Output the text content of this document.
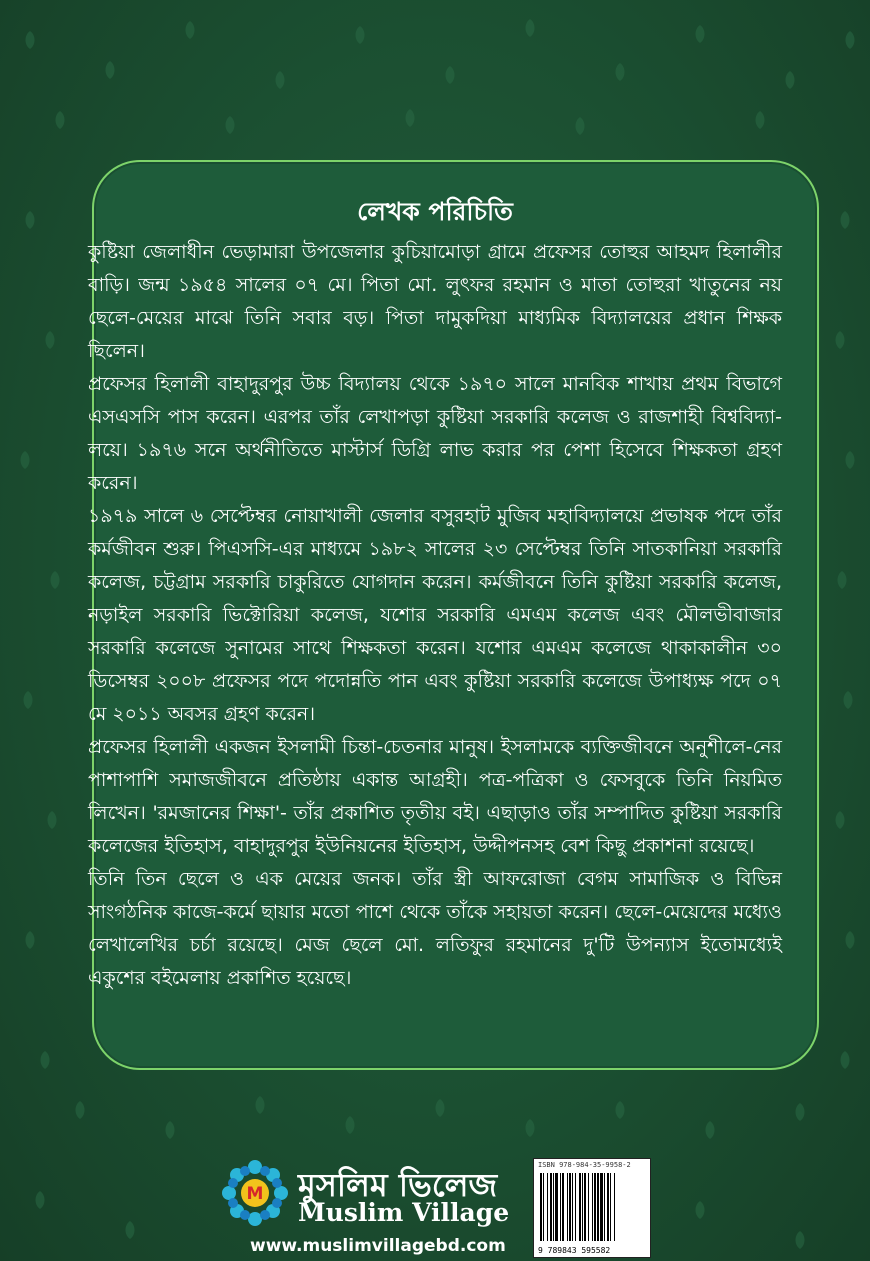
লেখক পরিচিতি

কুষ্টিয়া জেলাধীন ভেড়ামারা উপজেলার কুচিয়ামোড়া গ্রামে প্রফেসর তোহুর আহমদ হিলালীর বাড়ি। জন্ম ১৯৫৪ সালের ০৭ মে। পিতা মো. লুৎফর রহমান ও মাতা তোহুরা খাতুনের নয় ছেলে-মেয়ের মাঝে তিনি সবার বড়। পিতা দামুকদিয়া মাধ্যমিক বিদ্যালয়ের প্রধান শিক্ষক ছিলেন।

প্রফেসর হিলালী বাহাদুরপুর উচ্চ বিদ্যালয় থেকে ১৯৭০ সালে মানবিক শাখায় প্রথম বিভাগে এসএসসি পাস করেন। এরপর তাঁর লেখাপড়া কুষ্টিয়া সরকারি কলেজ ও রাজশাহী বিশ্ববিদ্যা-লয়ে। ১৯৭৬ সনে অর্থনীতিতে মাস্টার্স ডিগ্রি লাভ করার পর পেশা হিসেবে শিক্ষকতা গ্রহণ করেন।

১৯৭৯ সালে ৬ সেপ্টেম্বর নোয়াখালী জেলার বসুরহাট মুজিব মহাবিদ্যালয়ে প্রভাষক পদে তাঁর কর্মজীবন শুরু। পিএসসি-এর মাধ্যমে ১৯৮২ সালের ২৩ সেপ্টেম্বর তিনি সাতকানিয়া সরকারি কলেজ, চট্টগ্রাম সরকারি চাকুরিতে যোগদান করেন। কর্মজীবনে তিনি কুষ্টিয়া সরকারি কলেজ, নড়াইল সরকারি ভিক্টোরিয়া কলেজ, যশোর সরকারি এমএম কলেজ এবং মৌলভীবাজার সরকারি কলেজে সুনামের সাথে শিক্ষকতা করেন। যশোর এমএম কলেজে থাকাকালীন ৩০ ডিসেম্বর ২০০৮ প্রফেসর পদে পদোন্নতি পান এবং কুষ্টিয়া সরকারি কলেজে উপাধ্যক্ষ পদে ০৭ মে ২০১১ অবসর গ্রহণ করেন।

প্রফেসর হিলালী একজন ইসলামী চিন্তা-চেতনার মানুষ। ইসলামকে ব্যক্তিজীবনে অনুশীলে-নের পাশাপাশি সমাজজীবনে প্রতিষ্ঠায় একান্ত আগ্রহী। পত্র-পত্রিকা ও ফেসবুকে তিনি নিয়মিত লিখেন। 'রমজানের শিক্ষা'- তাঁর প্রকাশিত তৃতীয় বই। এছাড়াও তাঁর সম্পাদিত কুষ্টিয়া সরকারি কলেজের ইতিহাস, বাহাদুরপুর ইউনিয়নের ইতিহাস, উদ্দীপনসহ বেশ কিছু প্রকাশনা রয়েছে।

তিনি তিন ছেলে ও এক মেয়ের জনক। তাঁর স্ত্রী আফরোজা বেগম সামাজিক ও বিভিন্ন সাংগঠনিক কাজে-কর্মে ছায়ার মতো পাশে থেকে তাঁকে সহায়তা করেন। ছেলে-মেয়েদের মধ্যেও লেখালেখির চর্চা রয়েছে। মেজ ছেলে মো. লতিফুর রহমানের দু'টি উপন্যাস ইতোমধ্যেই একুশের বইমেলায় প্রকাশিত হয়েছে।

M মুসলিম ভিলেজ
Muslim Village
www.muslimvillagebd.com
ISBN 978-984-35-9958-2
9 789843 595582
